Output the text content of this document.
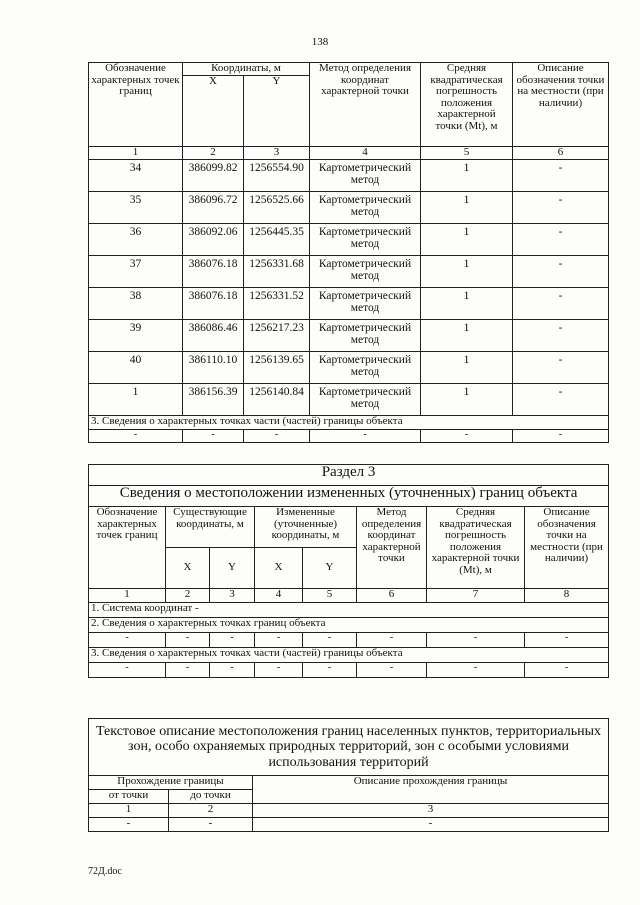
138
Обозначение характерных точек границ	Координаты, м		Метод определения координат характерной точки	Средняя квадратическая погрешность положения характерной точки (Mt), м	Описание обозначения точки на местности (при наличии)
	X	Y			
1	2	3	4	5	6
34	386099.82	1256554.90	Картометрический метод	1	-
35	386096.72	1256525.66	Картометрический метод	1	-
36	386092.06	1256445.35	Картометрический метод	1	-
37	386076.18	1256331.68	Картометрический метод	1	-
38	386076.18	1256331.52	Картометрический метод	1	-
39	386086.46	1256217.23	Картометрический метод	1	-
40	386110.10	1256139.65	Картометрический метод	1	-
1	386156.39	1256140.84	Картометрический метод	1	-
3. Сведения о характерных точках части (частей) границы объекта					
-	-	-	-	-	-
Раздел 3							
Сведения о местоположении измененных (уточненных) границ объекта							
Обозначение характерных точек границ	Существующие координаты, м		Измененные (уточненные) координаты, м		Метод определения координат характерной точки	Средняя квадратическая погрешность положения характерной точки (Mt), м	Описание обозначения точки на местности (при наличии)
	X	Y	X	Y			
1	2	3	4	5	6	7	8
1. Система координат -							
2. Сведения о характерных точках границ объекта							
-	-	-	-	-	-	-	-
3. Сведения о характерных точках части (частей) границы объекта							
-	-	-	-	-	-	-	-
Текстовое описание местоположения границ населенных пунктов, территориальных зон, особо охраняемых природных территорий, зон с особыми условиями использования территорий		
Прохождение границы		Описание прохождения границы
от точки	до точки	
1	2	3
-	-	-
72Д.doc
